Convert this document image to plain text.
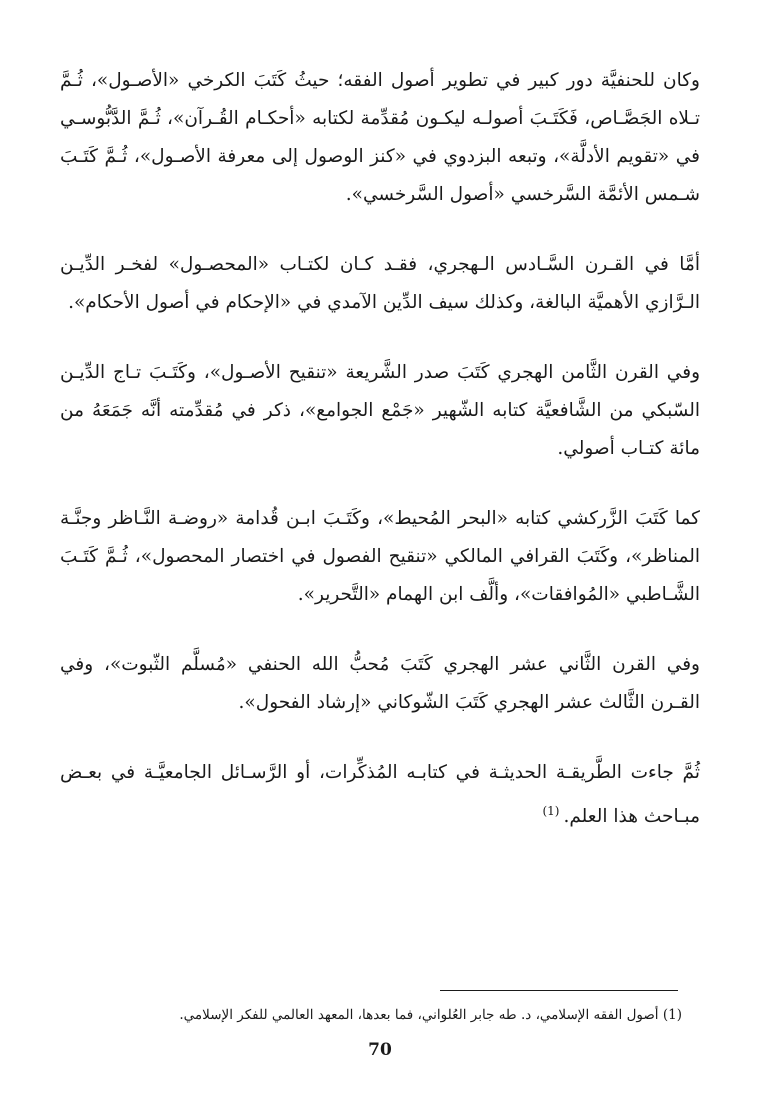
وكان للحنفيَّة دور كبير في تطوير أصول الفقه؛ حيثُ كَتَبَ الكرخي «الأصـول»، ثُـمَّ تـلاه الجَصَّـاص، فَكَتَـبَ أصولـه ليكـون مُقدِّمة لكتابه «أحكـام القُـرآن»، ثُـمَّ الدَّبُّوسـي في «تقويم الأدلَّة»، وتبعه البزدوي في «كنز الوصول إلى معرفة الأصـول»، ثُـمَّ كَتَـبَ شـمس الأئمَّة السَّرخسي «أصول السَّرخسي».

أمَّا في القـرن السَّـادس الـهجري، فقـد كـان لكتـاب «المحصـول» لفخـر الدِّيـن الـرَّازي الأهميَّة البالغة، وكذلك سيف الدِّين الآمدي في «الإحكام في أصول الأحكام».

وفي القرن الثَّامن الهجري كَتَبَ صدر الشَّريعة «تنقيح الأصـول»، وكَتَـبَ تـاج الدِّيـن السّبكي من الشَّافعيَّة كتابه الشّهير «جَمْع الجوامع»، ذكر في مُقدِّمته أنَّه جَمَعَهُ من مائة كتـاب أصولي.

كما كَتَبَ الزَّركشي كتابه «البحر المُحيط»، وكَتَـبَ ابـن قُدامة «روضـة النَّـاظر وجنَّـة المناظر»، وكَتَبَ القرافي المالكي «تنقيح الفصول في اختصار المحصول»، ثُـمَّ كَتَـبَ الشَّـاطبي «المُوافقات»، وألَّف ابن الهمام «التَّحرير».

وفي القرن الثَّاني عشر الهجري كَتَبَ مُحبُّ الله الحنفي «مُسلَّم الثّبوت»، وفي القـرن الثَّالث عشر الهجري كَتَبَ الشّوكاني «إرشاد الفحول».

ثُمَّ جاءت الطَّريقـة الحديثـة في كتابـه المُذكِّرات، أو الرَّسـائل الجامعيَّـة في بعـض مبـاحث هذا العلم.$^{(1)}$

(1) أصول الفقه الإسلامي، د. طه جابر العُلواني، فما بعدها، المعهد العالمي للفكر الإسلامي.
70
